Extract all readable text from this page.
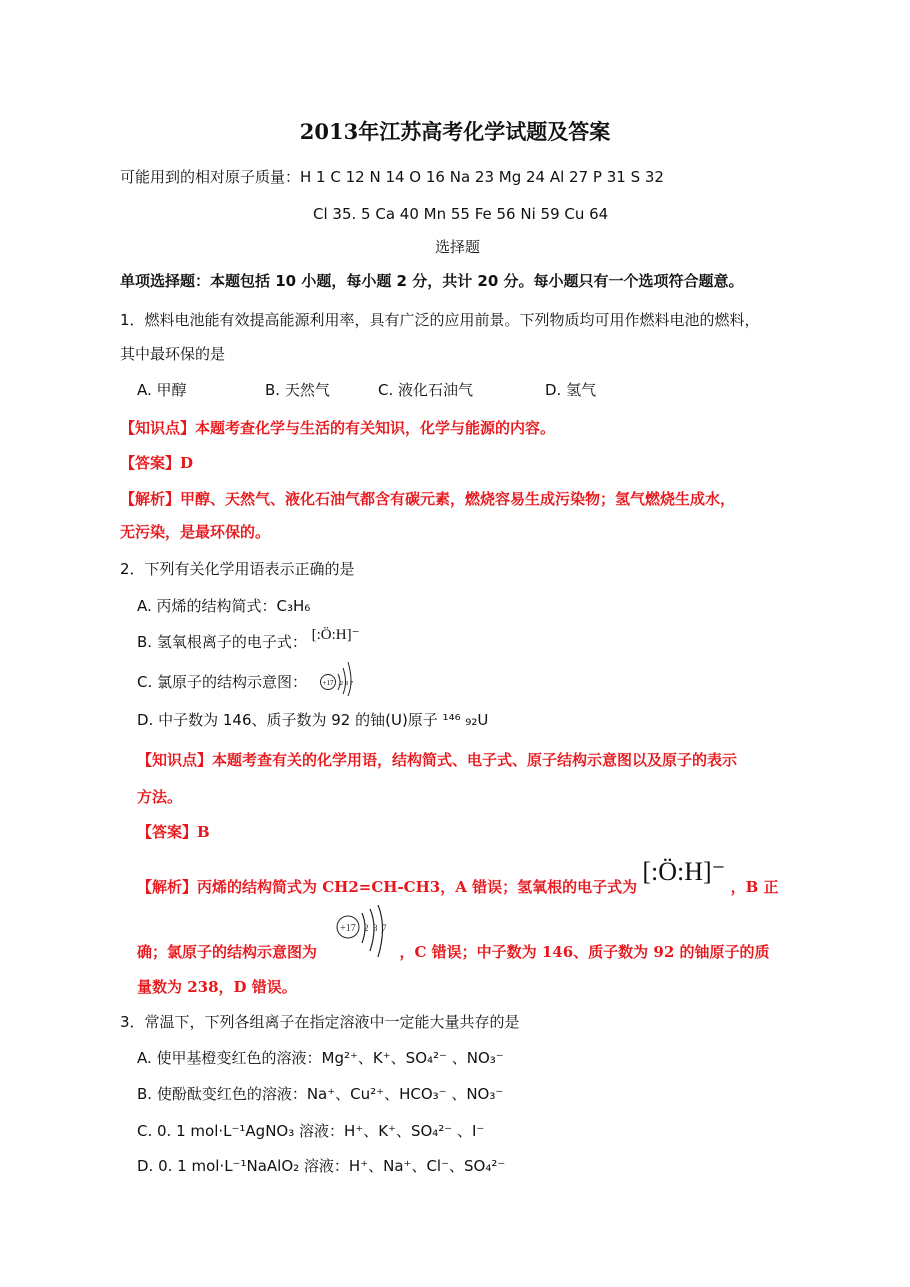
2013年江苏高考化学试题及答案
可能用到的相对原子质量：H 1 C 12 N 14 O 16 Na 23 Mg 24 Al 27 P 31 S 32
Cl 35. 5 Ca 40 Mn 55 Fe 56 Ni 59 Cu 64
选择题
单项选择题：本题包括 10 小题，每小题 2 分，共计 20 分。每小题只有一个选项符合题意。
1．燃料电池能有效提高能源利用率，具有广泛的应用前景。下列物质均可用作燃料电池的燃料，
其中最环保的是
A. 甲醇	B. 天然气	C. 液化石油气	D. 氢气
【知识点】本题考查化学与生活的有关知识，化学与能源的内容。
【答案】D
【解析】甲醇、天然气、液化石油气都含有碳元素，燃烧容易生成污染物；氢气燃烧生成水，
无污染，是最环保的。
2．下列有关化学用语表示正确的是
A. 丙烯的结构简式：C₃H₆
B. 氢氧根离子的电子式： [:Ö:H]⁻
C. 氯原子的结构示意图： +17 2 8 7
D. 中子数为 146、质子数为 92 的铀(U)原子 ¹⁴⁶ ₉₂U
【知识点】本题考查有关的化学用语，结构简式、电子式、原子结构示意图以及原子的表示
方法。
【答案】B
【解析】丙烯的结构简式为 CH2=CH-CH3，A 错误；氢氧根的电子式为 [:Ö:H]⁻ ，B 正
确；氯原子的结构示意图为	，C 错误；中子数为 146、质子数为 92 的铀原子的质
+17 2 8 7
量数为 238，D 错误。
3．常温下，下列各组离子在指定溶液中一定能大量共存的是
A. 使甲基橙变红色的溶液：Mg²⁺、K⁺、SO₄²⁻ 、NO₃⁻
B. 使酚酞变红色的溶液：Na⁺、Cu²⁺、HCO₃⁻ 、NO₃⁻
C. 0. 1 mol·L⁻¹AgNO₃ 溶液：H⁺、K⁺、SO₄²⁻ 、I⁻
D. 0. 1 mol·L⁻¹NaAlO₂ 溶液：H⁺、Na⁺、Cl⁻、SO₄²⁻
